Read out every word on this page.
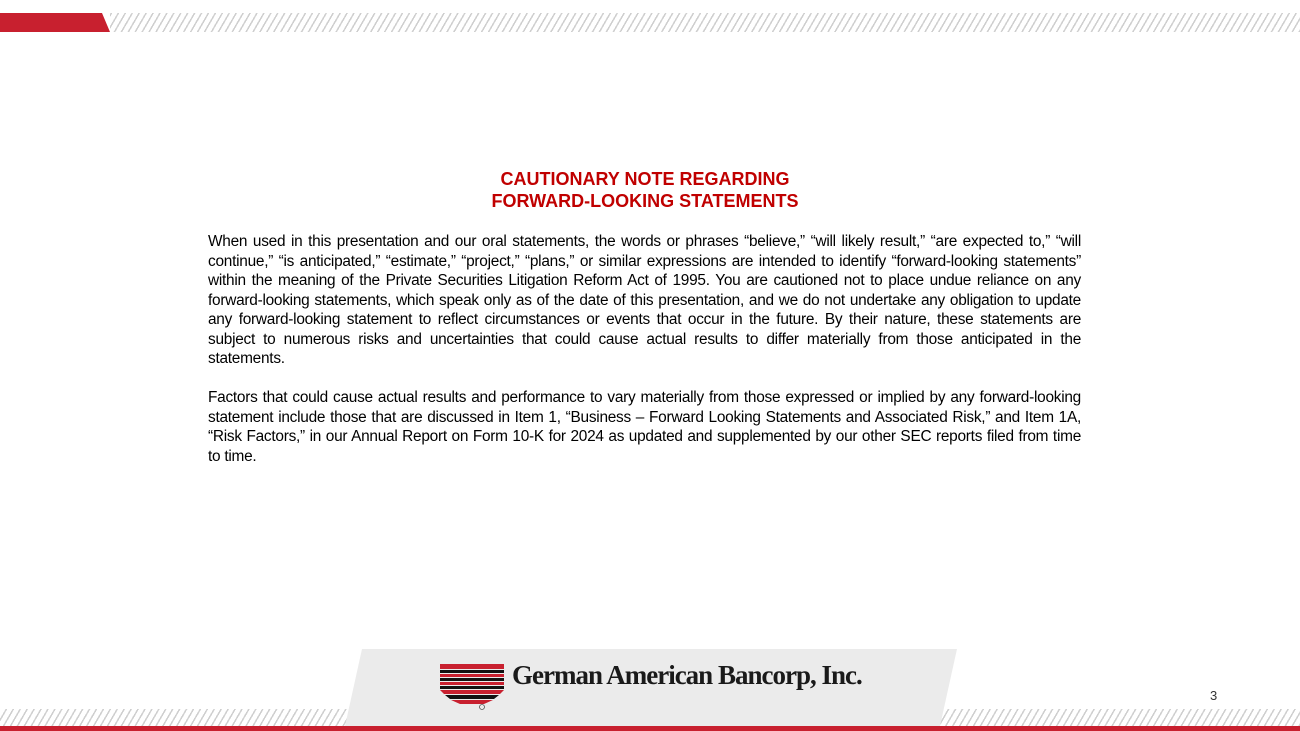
CAUTIONARY NOTE REGARDING
FORWARD-LOOKING STATEMENTS

When used in this presentation and our oral statements, the words or phrases “believe,” “will likely result,” “are expected to,” “will continue,” “is anticipated,” “estimate,” “project,” “plans,” or similar expressions are intended to identify “forward-looking statements” within the meaning of the Private Securities Litigation Reform Act of 1995. You are cautioned not to place undue reliance on any forward-looking statements, which speak only as of the date of this presentation, and we do not undertake any obligation to update any forward-looking statement to reflect circumstances or events that occur in the future. By their nature, these statements are subject to numerous risks and uncertainties that could cause actual results to differ materially from those anticipated in the statements.

Factors that could cause actual results and performance to vary materially from those expressed or implied by any forward-looking statement include those that are discussed in Item 1, “Business – Forward Looking Statements and Associated Risk,” and Item 1A, “Risk Factors,” in our Annual Report on Form 10-K for 2024 as updated and supplemented by our other SEC reports filed from time to time.

German American Bancorp, Inc.
3
